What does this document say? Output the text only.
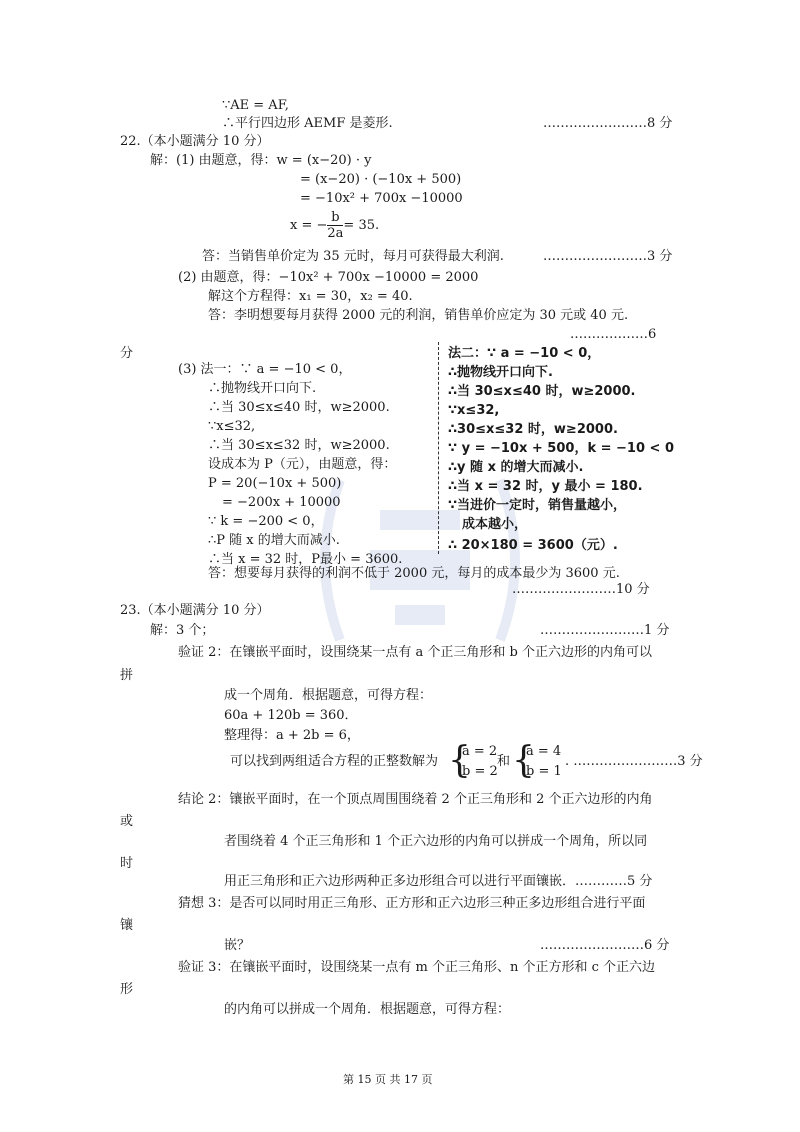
∵AE = AF,
∴平行四边形 AEMF 是菱形.	……………………8 分
22.（本小题满分 10 分）
解：(1) 由题意，得：w = (x−20) · y
= (x−20) · (−10x + 500)
= −10x² + 700x −10000
x = − $\frac{b}{2a} = 35$.
答：当销售单价定为 35 元时，每月可获得最大利润.	……………………3 分
(2) 由题意，得：−10x² + 700x −10000 = 2000
解这个方程得：x₁ = 30，x₂ = 40.
答：李明想要每月获得 2000 元的利润，销售单价应定为 30 元或 40 元.
………………6
分
(3) 法一：∵ a = −10 < 0，
∴抛物线开口向下.
∴当 30≤x≤40 时，w≥2000.
∵x≤32,
∴当 30≤x≤32 时，w≥2000.
设成本为 P（元），由题意，得：
P = 20(−10x + 500)
= −200x + 10000
∵ k = −200 < 0，
∴P 随 x 的增大而减小.
∴当 x = 32 时，P最小 = 3600.
法二：∵ a = −10 < 0，
∴抛物线开口向下.
∴当 30≤x≤40 时，w≥2000.
∵x≤32,
∴30≤x≤32 时，w≥2000.
∵ y = −10x + 500，k = −10 < 0
∴y 随 x 的增大而减小.
∴当 x = 32 时，y 最小 = 180.
∵当进价一定时，销售量越小，
成本越小，
∴ 20×180 = 3600（元）.
答：想要每月获得的利润不低于 2000 元，每月的成本最少为 3600 元.
……………………10 分
23.（本小题满分 10 分）
解：3 个；	……………………1 分
验证 2：在镶嵌平面时，设围绕某一点有 a 个正三角形和 b 个正六边形的内角可以
拼
成一个周角．根据题意，可得方程：
60a + 120b = 360．
整理得：a + 2b = 6，
可以找到两组适合方程的正整数解为 {
a = 2
b = 2
和 {
a = 4
b = 1
. ……………………3 分
结论 2：镶嵌平面时，在一个顶点周围围绕着 2 个正三角形和 2 个正六边形的内角
或
者围绕着 4 个正三角形和 1 个正六边形的内角可以拼成一个周角，所以同
时
用正三角形和正六边形两种正多边形组合可以进行平面镶嵌．…………5 分
猜想 3：是否可以同时用正三角形、正方形和正六边形三种正多边形组合进行平面
镶
嵌？	……………………6 分
验证 3：在镶嵌平面时，设围绕某一点有 m 个正三角形、n 个正方形和 c 个正六边
形
的内角可以拼成一个周角．根据题意，可得方程：
第 15 页 共 17 页
